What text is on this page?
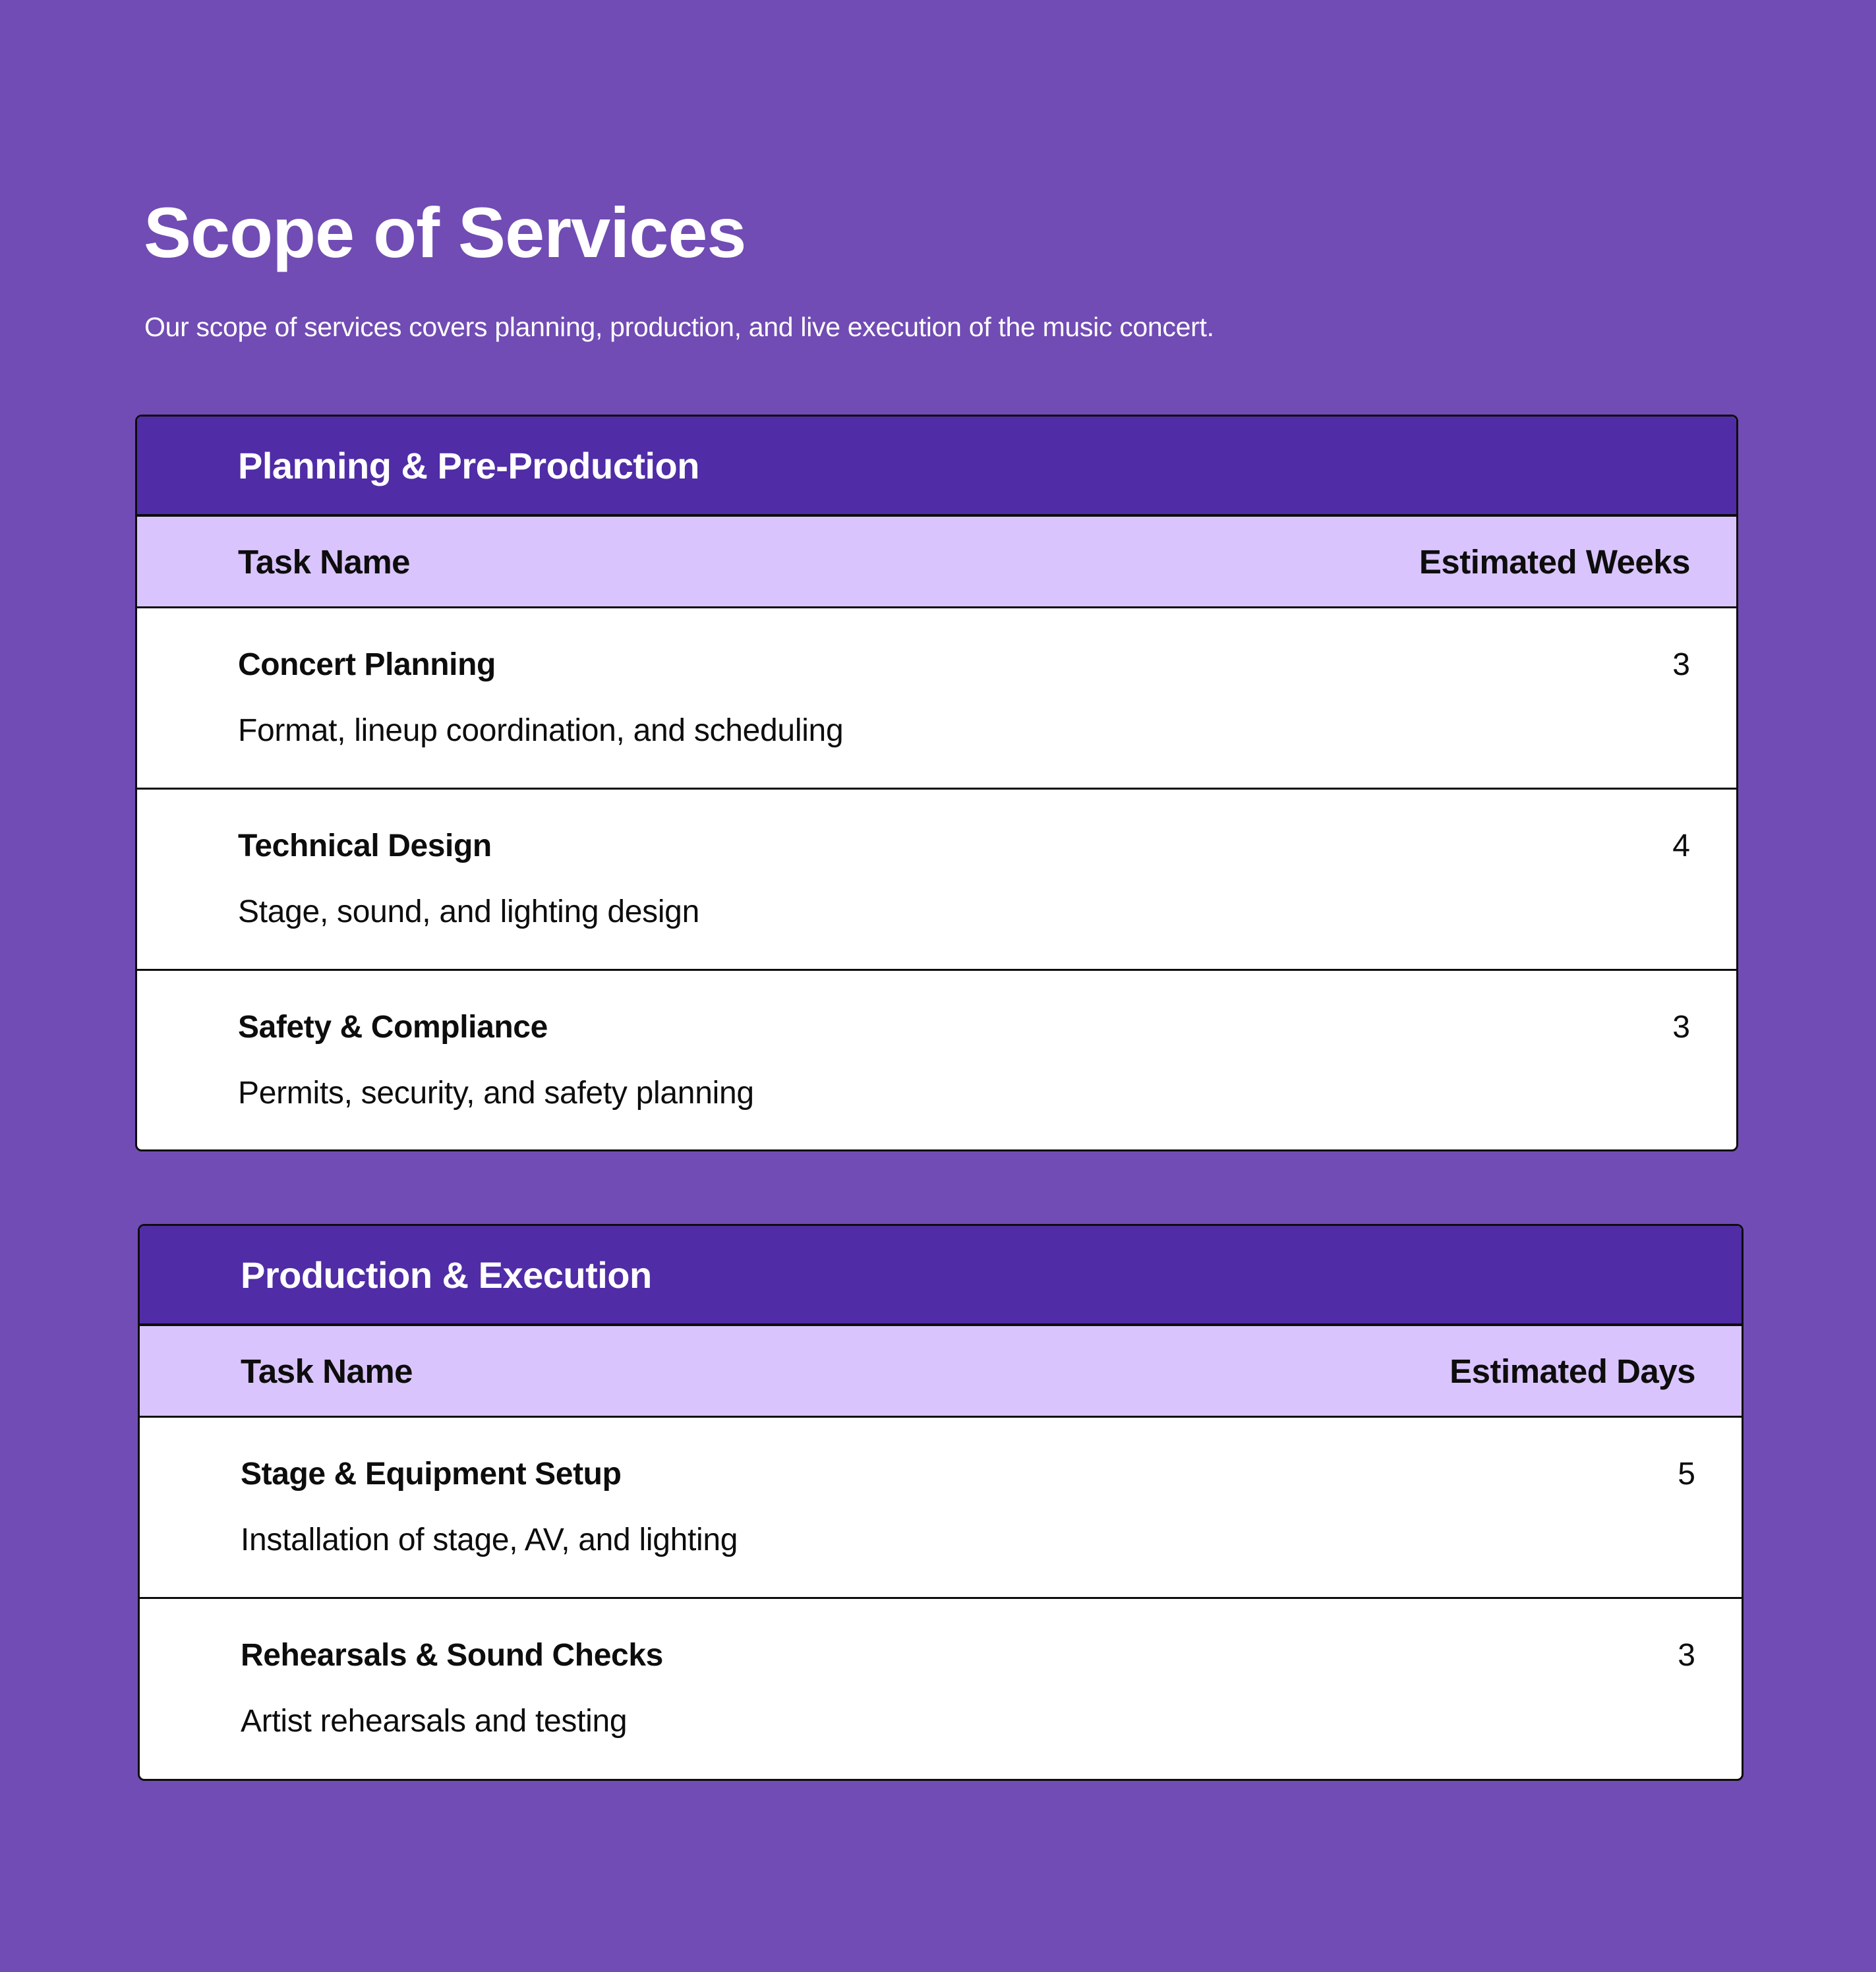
Scope of Services

Our scope of services covers planning, production, and live execution of the music concert.

Planning & Pre-Production
Task Name	Estimated Weeks
Concert Planning
Format, lineup coordination, and scheduling
3
Technical Design
Stage, sound, and lighting design
4
Safety & Compliance
Permits, security, and safety planning
3
Production & Execution
Task Name	Estimated Days
Stage & Equipment Setup
Installation of stage, AV, and lighting
5
Rehearsals & Sound Checks
Artist rehearsals and testing
3
